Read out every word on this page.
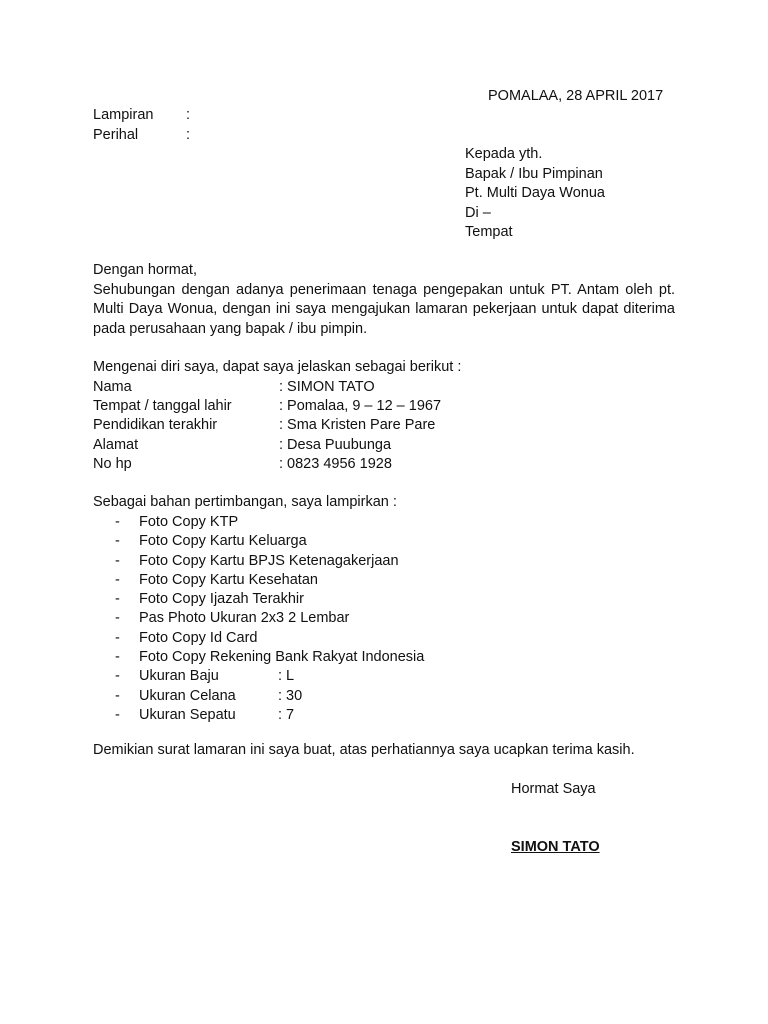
POMALAA, 28 APRIL 2017
Lampiran	:
Perihal	:
Kepada yth.
Bapak / Ibu Pimpinan
Pt. Multi Daya Wonua
Di –
Tempat
Dengan hormat,
Sehubungan dengan adanya penerimaan tenaga pengepakan untuk PT. Antam oleh pt. Multi Daya Wonua, dengan ini saya mengajukan lamaran pekerjaan untuk dapat diterima pada perusahaan yang bapak / ibu pimpin.
Mengenai diri saya, dapat saya jelaskan sebagai berikut :
Nama	: SIMON TATO
Tempat / tanggal lahir	: Pomalaa, 9 – 12 – 1967
Pendidikan terakhir	: Sma Kristen Pare Pare
Alamat	: Desa Puubunga
No hp	: 0823 4956 1928
Sebagai bahan pertimbangan, saya lampirkan :
-	Foto Copy KTP
-	Foto Copy Kartu Keluarga
-	Foto Copy Kartu BPJS Ketenagakerjaan
-	Foto Copy Kartu Kesehatan
-	Foto Copy Ijazah Terakhir
-	Pas Photo Ukuran 2x3 2 Lembar
-	Foto Copy Id Card
-	Foto Copy Rekening Bank Rakyat Indonesia
-	Ukuran Baju	: L
-	Ukuran Celana	: 30
-	Ukuran Sepatu	: 7
Demikian surat lamaran ini saya buat, atas perhatiannya saya ucapkan terima kasih.
Hormat Saya
SIMON TATO
